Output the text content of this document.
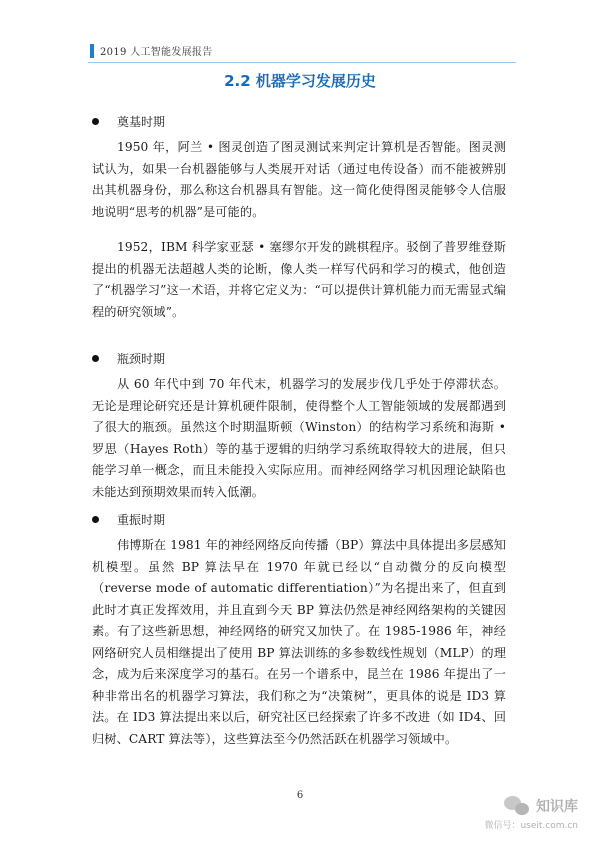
2019 人工智能发展报告
2.2 机器学习发展历史
奠基时期

1950 年，阿兰 • 图灵创造了图灵测试来判定计算机是否智能。图灵测试认为，如果一台机器能够与人类展开对话（通过电传设备）而不能被辨别出其机器身份，那么称这台机器具有智能。这一简化使得图灵能够令人信服地说明“思考的机器”是可能的。

1952，IBM 科学家亚瑟 • 塞缪尔开发的跳棋程序。驳倒了普罗维登斯提出的机器无法超越人类的论断，像人类一样写代码和学习的模式，他创造了“机器学习”这一术语，并将它定义为：“可以提供计算机能力而无需显式编程的研究领域”。

瓶颈时期

从 60 年代中到 70 年代末，机器学习的发展步伐几乎处于停滞状态。无论是理论研究还是计算机硬件限制，使得整个人工智能领域的发展都遇到了很大的瓶颈。虽然这个时期温斯顿（Winston）的结构学习系统和海斯 • 罗思（Hayes Roth）等的基于逻辑的归纳学习系统取得较大的进展，但只能学习单一概念，而且未能投入实际应用。而神经网络学习机因理论缺陷也未能达到预期效果而转入低潮。

重振时期

伟博斯在 1981 年的神经网络反向传播（BP）算法中具体提出多层感知机模型。虽然 BP 算法早在 1970 年就已经以“自动微分的反向模型（reverse mode of automatic differentiation）”为名提出来了，但直到此时才真正发挥效用，并且直到今天 BP 算法仍然是神经网络架构的关键因素。有了这些新思想，神经网络的研究又加快了。在 1985-1986 年，神经网络研究人员相继提出了使用 BP 算法训练的多参数线性规划（MLP）的理念，成为后来深度学习的基石。在另一个谱系中，昆兰在 1986 年提出了一种非常出名的机器学习算法，我们称之为“决策树”，更具体的说是 ID3 算法。在 ID3 算法提出来以后，研究社区已经探索了许多不改进（如 ID4、回归树、CART 算法等），这些算法至今仍然活跃在机器学习领域中。

6
知识库
微信号：useit.com.cn
